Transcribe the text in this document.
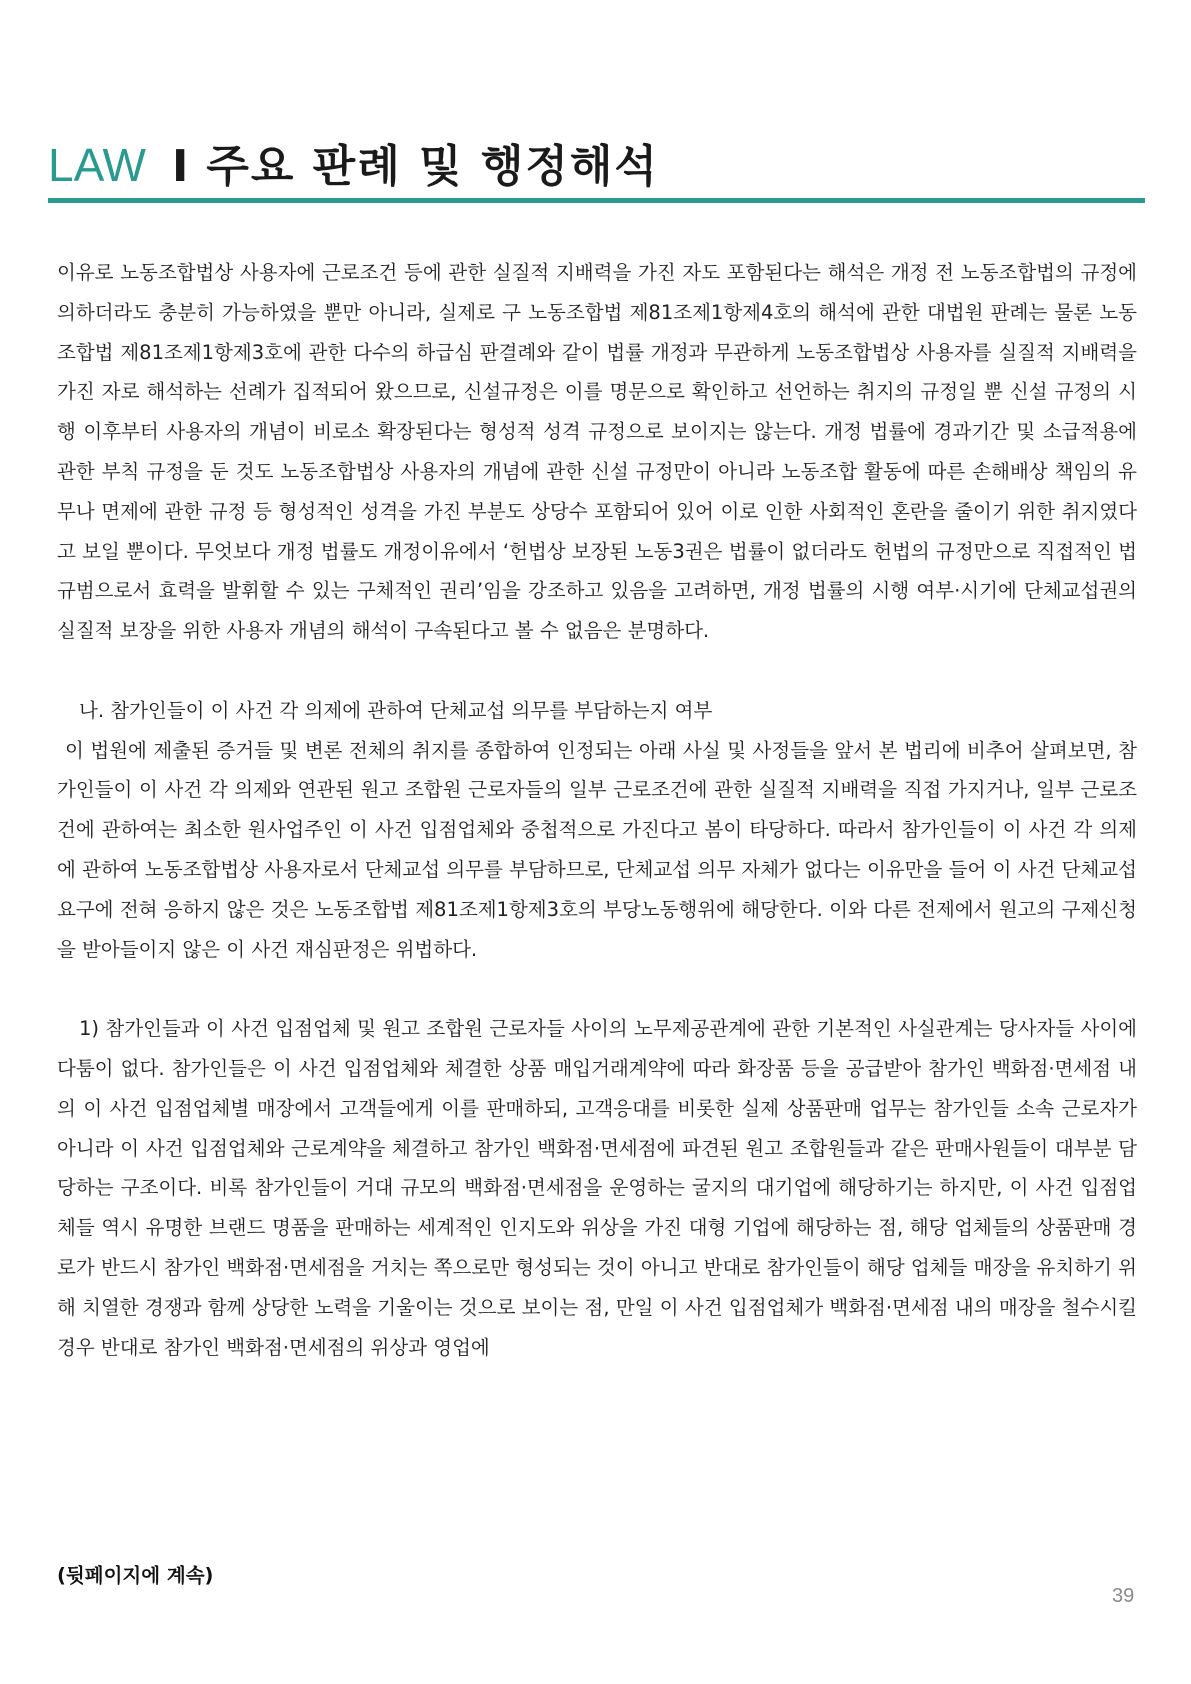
LAW I 주요 판례 및 행정해석

이유로 노동조합법상 사용자에 근로조건 등에 관한 실질적 지배력을 가진 자도 포함된다는 해석은 개정 전 노동조합법의 규정에 의하더라도 충분히 가능하였을 뿐만 아니라, 실제로 구 노동조합법 제81조제1항제4호의 해석에 관한 대법원 판례는 물론 노동조합법 제81조제1항제3호에 관한 다수의 하급심 판결례와 같이 법률 개정과 무관하게 노동조합법상 사용자를 실질적 지배력을 가진 자로 해석하는 선례가 집적되어 왔으므로, 신설규정은 이를 명문으로 확인하고 선언하는 취지의 규정일 뿐 신설 규정의 시행 이후부터 사용자의 개념이 비로소 확장된다는 형성적 성격 규정으로 보이지는 않는다. 개정 법률에 경과기간 및 소급적용에 관한 부칙 규정을 둔 것도 노동조합법상 사용자의 개념에 관한 신설 규정만이 아니라 노동조합 활동에 따른 손해배상 책임의 유무나 면제에 관한 규정 등 형성적인 성격을 가진 부분도 상당수 포함되어 있어 이로 인한 사회적인 혼란을 줄이기 위한 취지였다고 보일 뿐이다. 무엇보다 개정 법률도 개정이유에서 ‘헌법상 보장된 노동3권은 법률이 없더라도 헌법의 규정만으로 직접적인 법규범으로서 효력을 발휘할 수 있는 구체적인 권리’임을 강조하고 있음을 고려하면, 개정 법률의 시행 여부·시기에 단체교섭권의 실질적 보장을 위한 사용자 개념의 해석이 구속된다고 볼 수 없음은 분명하다.

나. 참가인들이 이 사건 각 의제에 관하여 단체교섭 의무를 부담하는지 여부

이 법원에 제출된 증거들 및 변론 전체의 취지를 종합하여 인정되는 아래 사실 및 사정들을 앞서 본 법리에 비추어 살펴보면, 참가인들이 이 사건 각 의제와 연관된 원고 조합원 근로자들의 일부 근로조건에 관한 실질적 지배력을 직접 가지거나, 일부 근로조건에 관하여는 최소한 원사업주인 이 사건 입점업체와 중첩적으로 가진다고 봄이 타당하다. 따라서 참가인들이 이 사건 각 의제에 관하여 노동조합법상 사용자로서 단체교섭 의무를 부담하므로, 단체교섭 의무 자체가 없다는 이유만을 들어 이 사건 단체교섭 요구에 전혀 응하지 않은 것은 노동조합법 제81조제1항제3호의 부당노동행위에 해당한다. 이와 다른 전제에서 원고의 구제신청을 받아들이지 않은 이 사건 재심판정은 위법하다.

1) 참가인들과 이 사건 입점업체 및 원고 조합원 근로자들 사이의 노무제공관계에 관한 기본적인 사실관계는 당사자들 사이에 다툼이 없다. 참가인들은 이 사건 입점업체와 체결한 상품 매입거래계약에 따라 화장품 등을 공급받아 참가인 백화점·면세점 내의 이 사건 입점업체별 매장에서 고객들에게 이를 판매하되, 고객응대를 비롯한 실제 상품판매 업무는 참가인들 소속 근로자가 아니라 이 사건 입점업체와 근로계약을 체결하고 참가인 백화점·면세점에 파견된 원고 조합원들과 같은 판매사원들이 대부분 담당하는 구조이다. 비록 참가인들이 거대 규모의 백화점·면세점을 운영하는 굴지의 대기업에 해당하기는 하지만, 이 사건 입점업체들 역시 유명한 브랜드 명품을 판매하는 세계적인 인지도와 위상을 가진 대형 기업에 해당하는 점, 해당 업체들의 상품판매 경로가 반드시 참가인 백화점·면세점을 거치는 쪽으로만 형성되는 것이 아니고 반대로 참가인들이 해당 업체들 매장을 유치하기 위해 치열한 경쟁과 함께 상당한 노력을 기울이는 것으로 보이는 점, 만일 이 사건 입점업체가 백화점·면세점 내의 매장을 철수시킬 경우 반대로 참가인 백화점·면세점의 위상과 영업에

(뒷페이지에 계속)
39
